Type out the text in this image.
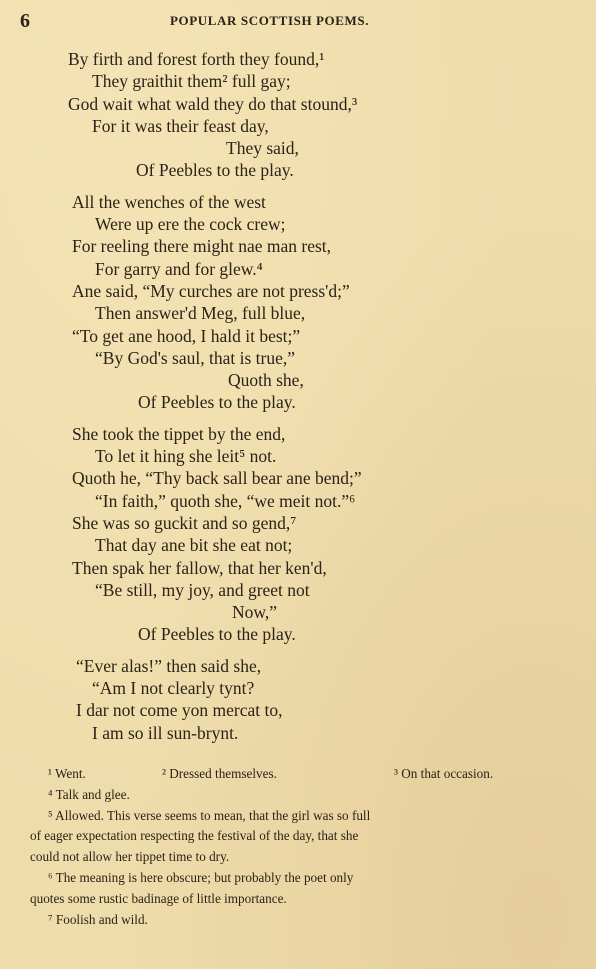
6	POPULAR SCOTTISH POEMS.
By firth and forest forth they found,¹
They graithit them² full gay;
God wait what wald they do that stound,³
For it was their feast day,
They said,
Of Peebles to the play.
All the wenches of the west
Were up ere the cock crew;
For reeling there might nae man rest,
For garry and for glew.⁴
Ane said, “My curches are not press'd;”
Then answer'd Meg, full blue,
“To get ane hood, I hald it best;”
“By God's saul, that is true,”
Quoth she,
Of Peebles to the play.
She took the tippet by the end,
To let it hing she leit⁵ not.
Quoth he, “Thy back sall bear ane bend;”
“In faith,” quoth she, “we meit not.”⁶
She was so guckit and so gend,⁷
That day ane bit she eat not;
Then spak her fallow, that her ken'd,
“Be still, my joy, and greet not
Now,”
Of Peebles to the play.
“Ever alas!” then said she,
“Am I not clearly tynt?
I dar not come yon mercat to,
I am so ill sun-brynt.
¹ Went.	² Dressed themselves.	³ On that occasion.
⁴ Talk and glee.
⁵ Allowed. This verse seems to mean, that the girl was so full
of eager expectation respecting the festival of the day, that she
could not allow her tippet time to dry.
⁶ The meaning is here obscure; but probably the poet only
quotes some rustic badinage of little importance.
⁷ Foolish and wild.
